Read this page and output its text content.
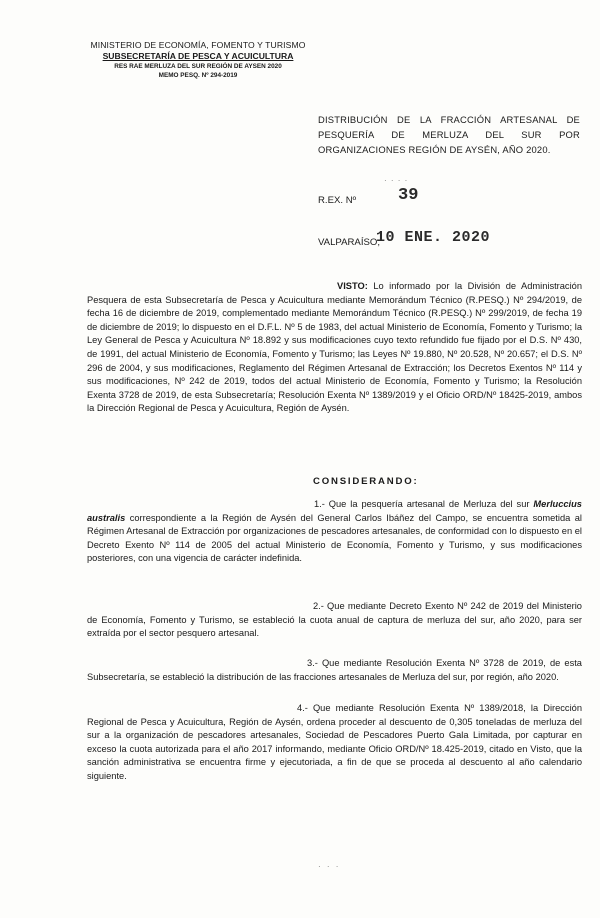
MINISTERIO DE ECONOMÍA, FOMENTO Y TURISMO
SUBSECRETARÍA DE PESCA Y ACUICULTURA
RES RAE MERLUZA DEL SUR REGIÓN DE AYSEN 2020
MEMO PESQ. Nº 294-2019
DISTRIBUCIÓN DE LA FRACCIÓN ARTESANAL DE PESQUERÍA DE MERLUZA DEL SUR POR ORGANIZACIONES REGIÓN DE AYSÉN, AÑO 2020.
· · · ·
R.EX. Nº 39
VALPARAÍSO,
10 ENE. 2020
VISTO: Lo informado por la División de Administración Pesquera de esta Subsecretaría de Pesca y Acuicultura mediante Memorándum Técnico (R.PESQ.) Nº 294/2019, de fecha 16 de diciembre de 2019, complementado mediante Memorándum Técnico (R.PESQ.) Nº 299/2019, de fecha 19 de diciembre de 2019; lo dispuesto en el D.F.L. Nº 5 de 1983, del actual Ministerio de Economía, Fomento y Turismo; la Ley General de Pesca y Acuicultura Nº 18.892 y sus modificaciones cuyo texto refundido fue fijado por el D.S. Nº 430, de 1991, del actual Ministerio de Economía, Fomento y Turismo; las Leyes Nº 19.880, Nº 20.528, Nº 20.657; el D.S. Nº 296 de 2004, y sus modificaciones, Reglamento del Régimen Artesanal de Extracción; los Decretos Exentos Nº 114 y sus modificaciones, Nº 242 de 2019, todos del actual Ministerio de Economía, Fomento y Turismo; la Resolución Exenta 3728 de 2019, de esta Subsecretaría; Resolución Exenta Nº 1389/2019 y el Oficio ORD/Nº 18425-2019, ambos la Dirección Regional de Pesca y Acuicultura, Región de Aysén.
CONSIDERANDO:
1.- Que la pesquería artesanal de Merluza del sur Merluccius australis correspondiente a la Región de Aysén del General Carlos Ibáñez del Campo, se encuentra sometida al Régimen Artesanal de Extracción por organizaciones de pescadores artesanales, de conformidad con lo dispuesto en el Decreto Exento Nº 114 de 2005 del actual Ministerio de Economía, Fomento y Turismo, y sus modificaciones posteriores, con una vigencia de carácter indefinida.
2.- Que mediante Decreto Exento Nº 242 de 2019 del Ministerio de Economía, Fomento y Turismo, se estableció la cuota anual de captura de merluza del sur, año 2020, para ser extraída por el sector pesquero artesanal.
3.- Que mediante Resolución Exenta Nº 3728 de 2019, de esta Subsecretaría, se estableció la distribución de las fracciones artesanales de Merluza del sur, por región, año 2020.
4.- Que mediante Resolución Exenta Nº 1389/2018, la Dirección Regional de Pesca y Acuicultura, Región de Aysén, ordena proceder al descuento de 0,305 toneladas de merluza del sur a la organización de pescadores artesanales, Sociedad de Pescadores Puerto Gala Limitada, por capturar en exceso la cuota autorizada para el año 2017 informando, mediante Oficio ORD/Nº 18.425-2019, citado en Visto, que la sanción administrativa se encuentra firme y ejecutoriada, a fin de que se proceda al descuento al año calendario siguiente.
· · ·
